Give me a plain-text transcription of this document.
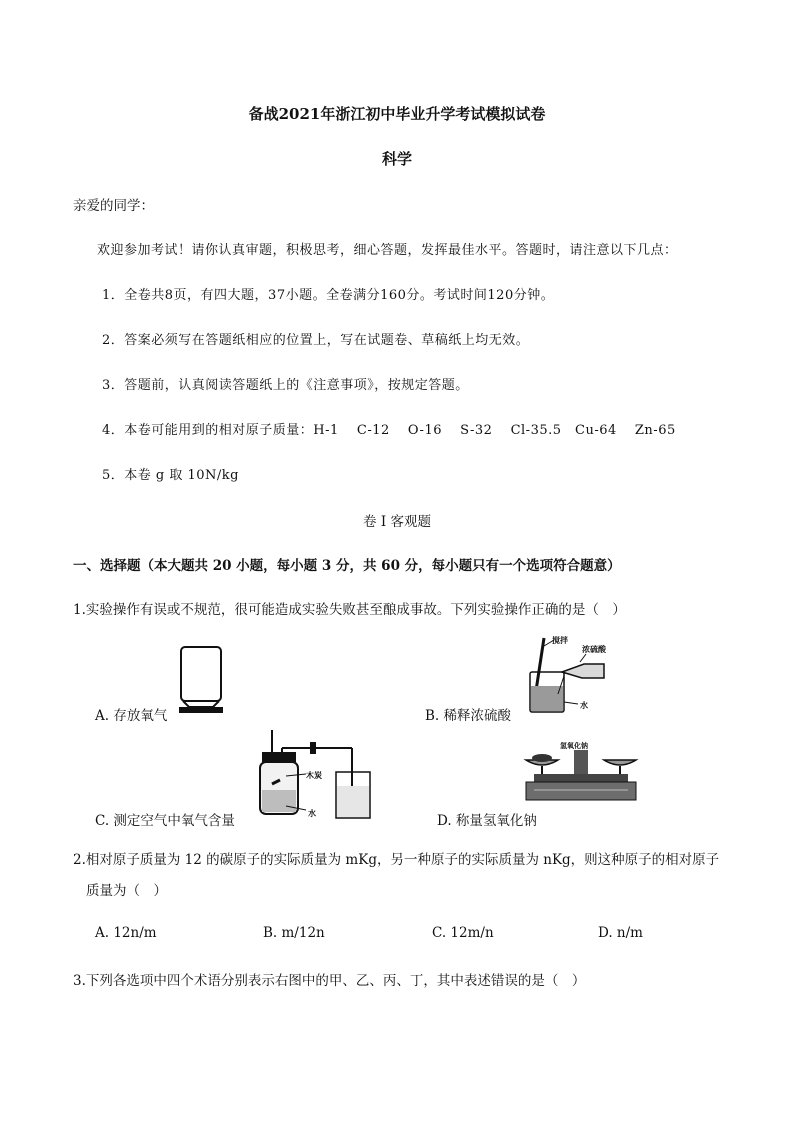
备战2021年浙江初中毕业升学考试模拟试卷
科学
亲爱的同学：
欢迎参加考试！请你认真审题，积极思考，细心答题，发挥最佳水平。答题时，请注意以下几点：
1．全卷共8页，有四大题，37小题。全卷满分160分。考试时间120分钟。
2．答案必须写在答题纸相应的位置上，写在试题卷、草稿纸上均无效。
3．答题前，认真阅读答题纸上的《注意事项》，按规定答题。
4．本卷可能用到的相对原子质量：H-1　 C-12　 O-16　 S-32　 Cl-35.5　Cu-64　 Zn-65
5．本卷 g 取 10N/kg
卷 I 客观题
一、选择题（本大题共 20 小题，每小题 3 分，共 60 分，每小题只有一个选项符合题意）
1.实验操作有误或不规范，很可能造成实验失败甚至酿成事故。下列实验操作正确的是（　）
A. 存放氧气
搅拌
浓硫酸
水
B. 稀释浓硫酸
木炭
水
C. 测定空气中氧气含量
氢氧化钠
D. 称量氢氧化钠
2.相对原子质量为 12 的碳原子的实际质量为 mKg，另一种原子的实际质量为 nKg，则这种原子的相对原子
质量为（　）
A. 12n/m	B. m/12n	C. 12m/n	D. n/m
3.下列各选项中四个术语分别表示右图中的甲、乙、丙、丁，其中表述错误的是（　）
